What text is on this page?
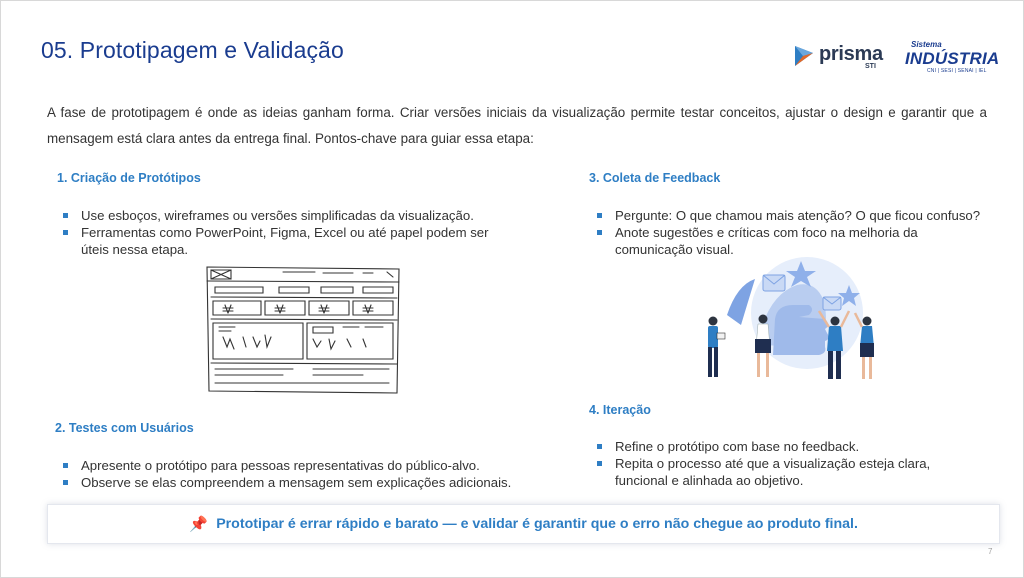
05. Prototipagem e Validação	prisma
STI
Sistema
INDÚSTRIA
CNI | SESI | SENAI | IEL

A fase de prototipagem é onde as ideias ganham forma. Criar versões iniciais da visualização permite testar conceitos, ajustar o design e garantir que a mensagem está clara antes da entrega final. Pontos-chave para guiar essa etapa:

1. Criação de Protótipos
Use esboços, wireframes ou versões simplificadas da visualização.
Ferramentas como PowerPoint, Figma, Excel ou até papel podem ser úteis nessa etapa.
2. Testes com Usuários
Apresente o protótipo para pessoas representativas do público-alvo.
Observe se elas compreendem a mensagem sem explicações adicionais.
3. Coleta de Feedback
Pergunte: O que chamou mais atenção? O que ficou confuso?
Anote sugestões e críticas com foco na melhoria da comunicação visual.
4. Iteração
Refine o protótipo com base no feedback.
Repita o processo até que a visualização esteja clara, funcional e alinhada ao objetivo.
📌 Prototipar é errar rápido e barato — e validar é garantir que o erro não chegue ao produto final.
7
